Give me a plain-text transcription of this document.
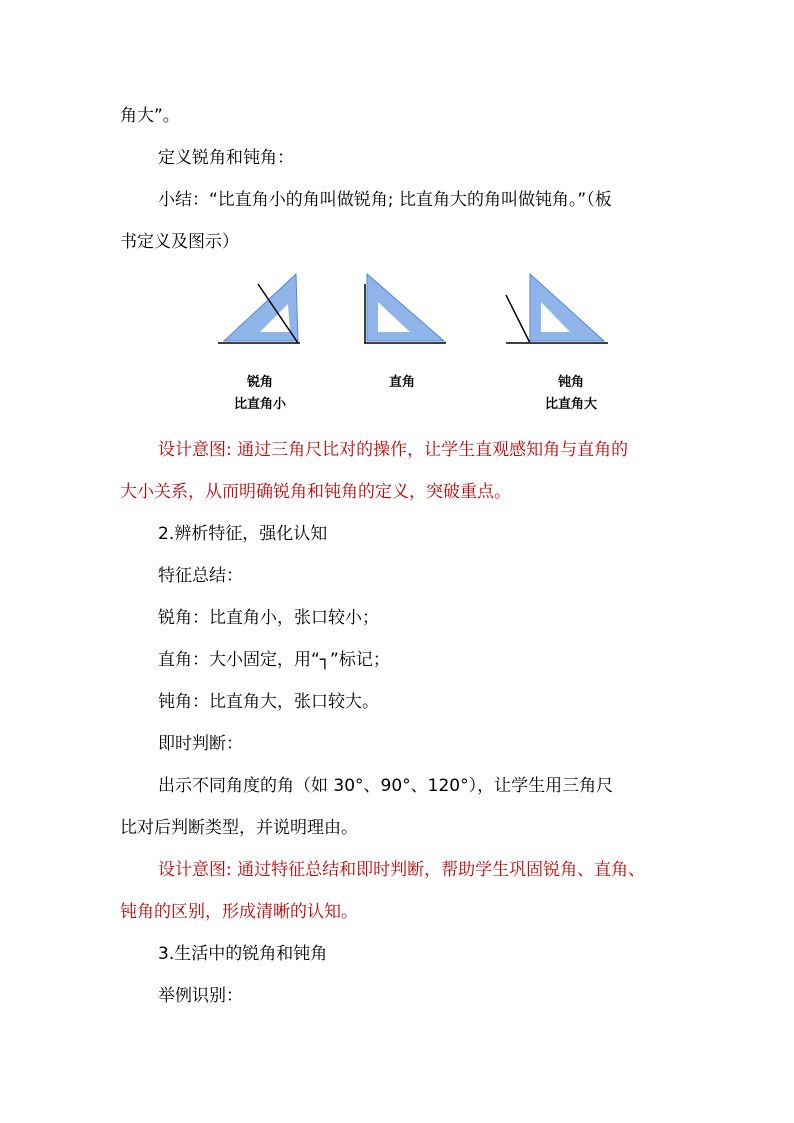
角大”。
定义锐角和钝角：
小结：“比直角小的角叫做锐角; 比直角大的角叫做钝角。”（板
书定义及图示）
锐角
比直角小
直角	钝角
比直角大
设计意图: 通过三角尺比对的操作，让学生直观感知角与直角的
大小关系，从而明确锐角和钝角的定义，突破重点。
2.辨析特征，强化认知
特征总结：
锐角：比直角小，张口较小；
直角：大小固定，用“┐”标记；
钝角：比直角大，张口较大。
即时判断：
出示不同角度的角（如 30°、90°、120°），让学生用三角尺
比对后判断类型，并说明理由。
设计意图: 通过特征总结和即时判断，帮助学生巩固锐角、直角、
钝角的区别，形成清晰的认知。
3.生活中的锐角和钝角
举例识别：
